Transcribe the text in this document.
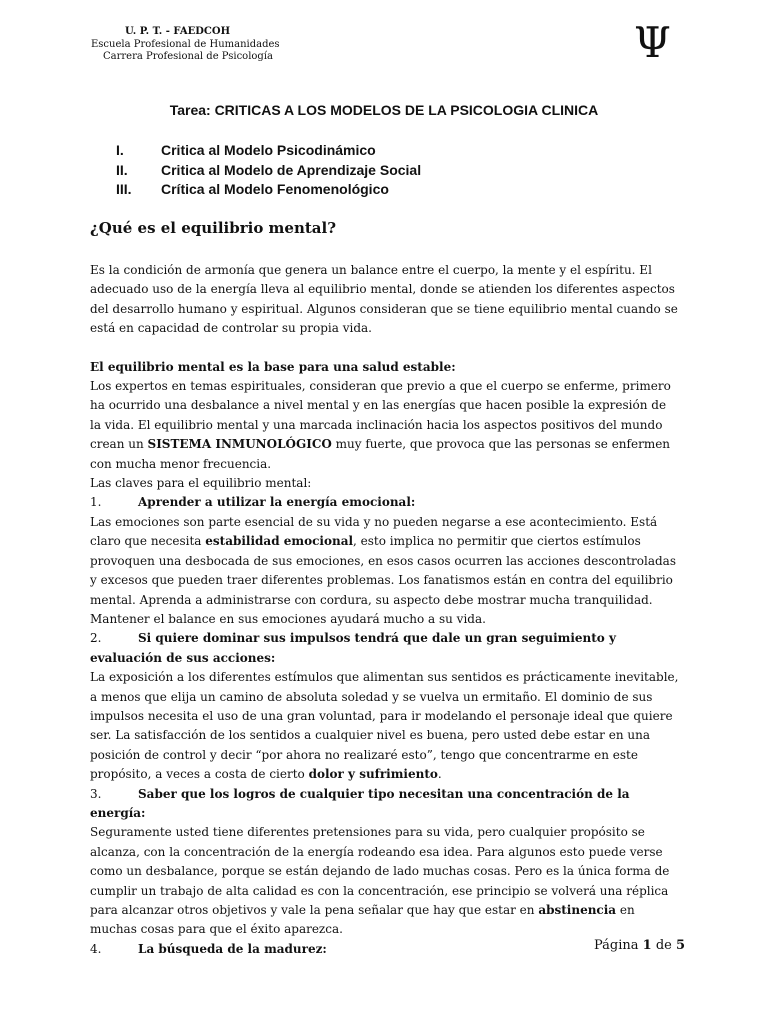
U. P. T. - FAEDCOH
Escuela Profesional de Humanidades
Carrera Profesional de Psicología	Ψ
Tarea: CRITICAS A LOS MODELOS DE LA PSICOLOGIA CLINICA
I.	Critica al Modelo Psicodinámico
II.	Critica al Modelo de Aprendizaje Social
III.	Crítica al Modelo Fenomenológico
¿Qué es el equilibrio mental?

Es la condición de armonía que genera un balance entre el cuerpo, la mente y el espíritu. El adecuado uso de la energía lleva al equilibrio mental, donde se atienden los diferentes aspectos del desarrollo humano y espiritual. Algunos consideran que se tiene equilibrio mental cuando se está en capacidad de controlar su propia vida.

El equilibrio mental es la base para una salud estable:

Los expertos en temas espirituales, consideran que previo a que el cuerpo se enferme, primero ha ocurrido una desbalance a nivel mental y en las energías que hacen posible la expresión de la vida. El equilibrio mental y una marcada inclinación hacia los aspectos positivos del mundo crean un SISTEMA INMUNOLÓGICO muy fuerte, que provoca que las personas se enfermen con mucha menor frecuencia.

Las claves para el equilibrio mental:

1.	Aprender a utilizar la energía emocional:

Las emociones son parte esencial de su vida y no pueden negarse a ese acontecimiento. Está claro que necesita estabilidad emocional, esto implica no permitir que ciertos estímulos provoquen una desbocada de sus emociones, en esos casos ocurren las acciones descontroladas y excesos que pueden traer diferentes problemas. Los fanatismos están en contra del equilibrio mental. Aprenda a administrarse con cordura, su aspecto debe mostrar mucha tranquilidad. Mantener el balance en sus emociones ayudará mucho a su vida.

2.	Si quiere dominar sus impulsos tendrá que dale un gran seguimiento y evaluación de sus acciones:

La exposición a los diferentes estímulos que alimentan sus sentidos es prácticamente inevitable, a menos que elija un camino de absoluta soledad y se vuelva un ermitaño. El dominio de sus impulsos necesita el uso de una gran voluntad, para ir modelando el personaje ideal que quiere ser. La satisfacción de los sentidos a cualquier nivel es buena, pero usted debe estar en una posición de control y decir “por ahora no realizaré esto”, tengo que concentrarme en este propósito, a veces a costa de cierto dolor y sufrimiento.

3.	Saber que los logros de cualquier tipo necesitan una concentración de la energía:

Seguramente usted tiene diferentes pretensiones para su vida, pero cualquier propósito se alcanza, con la concentración de la energía rodeando esa idea. Para algunos esto puede verse como un desbalance, porque se están dejando de lado muchas cosas. Pero es la única forma de cumplir un trabajo de alta calidad es con la concentración, ese principio se volverá una réplica para alcanzar otros objetivos y vale la pena señalar que hay que estar en abstinencia en muchas cosas para que el éxito aparezca.

4.	La búsqueda de la madurez:	Página 1 de 5
